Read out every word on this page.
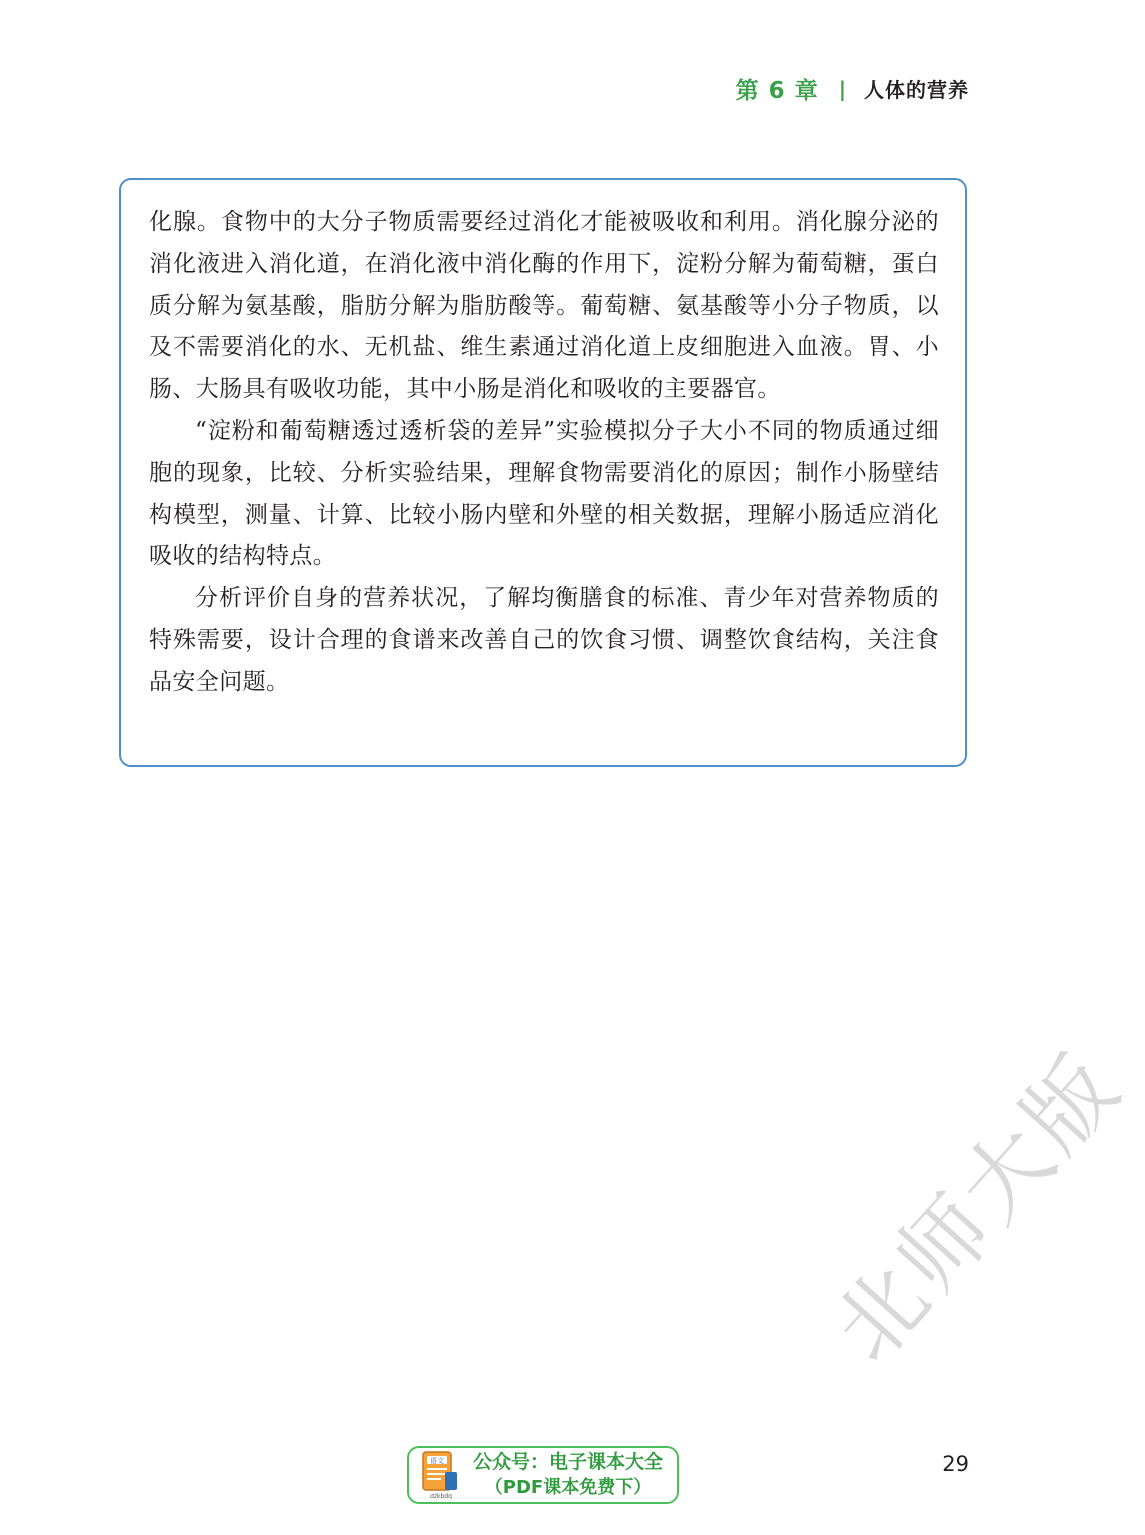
第 6 章 | 人体的营养

化腺。食物中的大分子物质需要经过消化才能被吸收和利用。消化腺分泌的消化液进入消化道，在消化液中消化酶的作用下，淀粉分解为葡萄糖，蛋白质分解为氨基酸，脂肪分解为脂肪酸等。葡萄糖、氨基酸等小分子物质，以及不需要消化的水、无机盐、维生素通过消化道上皮细胞进入血液。胃、小肠、大肠具有吸收功能，其中小肠是消化和吸收的主要器官。

“淀粉和葡萄糖透过透析袋的差异”实验模拟分子大小不同的物质通过细胞的现象，比较、分析实验结果，理解食物需要消化的原因；制作小肠壁结构模型，测量、计算、比较小肠内壁和外壁的相关数据，理解小肠适应消化吸收的结构特点。

分析评价自身的营养状况，了解均衡膳食的标准、青少年对营养物质的特殊需要，设计合理的食谱来改善自己的饮食习惯、调整饮食结构，关注食品安全问题。

北师大版
语文
dzkbdq
公众号：电子课本大全
（PDF课本免费下）
29
